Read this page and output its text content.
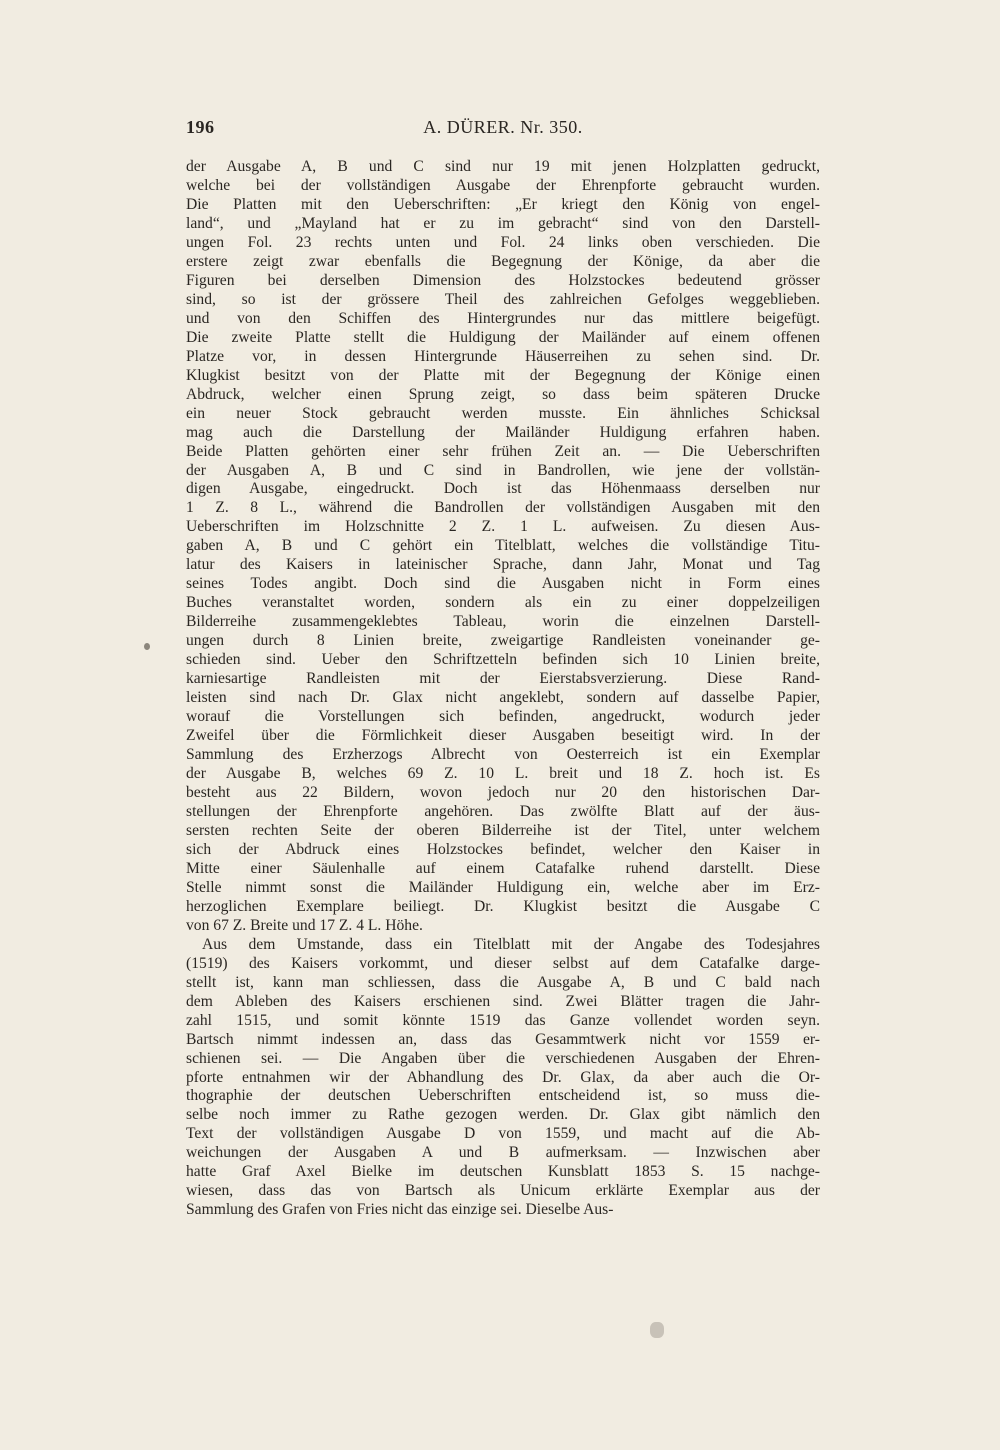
196	A. DÜRER. Nr. 350.
der Ausgabe A, B und C sind nur 19 mit jenen Holzplatten gedruckt,
welche bei der vollständigen Ausgabe der Ehrenpforte gebraucht wurden.
Die Platten mit den Ueberschriften: „Er kriegt den König von engel-
land“, und „Mayland hat er zu im gebracht“ sind von den Darstell-
ungen Fol. 23 rechts unten und Fol. 24 links oben verschieden. Die
erstere zeigt zwar ebenfalls die Begegnung der Könige, da aber die
Figuren bei derselben Dimension des Holzstockes bedeutend grösser
sind, so ist der grössere Theil des zahlreichen Gefolges weggeblieben.
und von den Schiffen des Hintergrundes nur das mittlere beigefügt.
Die zweite Platte stellt die Huldigung der Mailänder auf einem offenen
Platze vor, in dessen Hintergrunde Häuserreihen zu sehen sind. Dr.
Klugkist besitzt von der Platte mit der Begegnung der Könige einen
Abdruck, welcher einen Sprung zeigt, so dass beim späteren Drucke
ein neuer Stock gebraucht werden musste. Ein ähnliches Schicksal
mag auch die Darstellung der Mailänder Huldigung erfahren haben.
Beide Platten gehörten einer sehr frühen Zeit an. — Die Ueberschriften
der Ausgaben A, B und C sind in Bandrollen, wie jene der vollstän-
digen Ausgabe, eingedruckt. Doch ist das Höhenmaass derselben nur
1 Z. 8 L., während die Bandrollen der vollständigen Ausgaben mit den
Ueberschriften im Holzschnitte 2 Z. 1 L. aufweisen. Zu diesen Aus-
gaben A, B und C gehört ein Titelblatt, welches die vollständige Titu-
latur des Kaisers in lateinischer Sprache, dann Jahr, Monat und Tag
seines Todes angibt. Doch sind die Ausgaben nicht in Form eines
Buches veranstaltet worden, sondern als ein zu einer doppelzeiligen
Bilderreihe zusammengeklebtes Tableau, worin die einzelnen Darstell-
ungen durch 8 Linien breite, zweigartige Randleisten voneinander ge-
schieden sind. Ueber den Schriftzetteln befinden sich 10 Linien breite,
karniesartige Randleisten mit der Eierstabsverzierung. Diese Rand-
leisten sind nach Dr. Glax nicht angeklebt, sondern auf dasselbe Papier,
worauf die Vorstellungen sich befinden, angedruckt, wodurch jeder
Zweifel über die Förmlichkeit dieser Ausgaben beseitigt wird. In der
Sammlung des Erzherzogs Albrecht von Oesterreich ist ein Exemplar
der Ausgabe B, welches 69 Z. 10 L. breit und 18 Z. hoch ist. Es
besteht aus 22 Bildern, wovon jedoch nur 20 den historischen Dar-
stellungen der Ehrenpforte angehören. Das zwölfte Blatt auf der äus-
sersten rechten Seite der oberen Bilderreihe ist der Titel, unter welchem
sich der Abdruck eines Holzstockes befindet, welcher den Kaiser in
Mitte einer Säulenhalle auf einem Catafalke ruhend darstellt. Diese
Stelle nimmt sonst die Mailänder Huldigung ein, welche aber im Erz-
herzoglichen Exemplare beiliegt. Dr. Klugkist besitzt die Ausgabe C
von 67 Z. Breite und 17 Z. 4 L. Höhe.
Aus dem Umstande, dass ein Titelblatt mit der Angabe des Todesjahres
(1519) des Kaisers vorkommt, und dieser selbst auf dem Catafalke darge-
stellt ist, kann man schliessen, dass die Ausgabe A, B und C bald nach
dem Ableben des Kaisers erschienen sind. Zwei Blätter tragen die Jahr-
zahl 1515, und somit könnte 1519 das Ganze vollendet worden seyn.
Bartsch nimmt indessen an, dass das Gesammtwerk nicht vor 1559 er-
schienen sei. — Die Angaben über die verschiedenen Ausgaben der Ehren-
pforte entnahmen wir der Abhandlung des Dr. Glax, da aber auch die Or-
thographie der deutschen Ueberschriften entscheidend ist, so muss die-
selbe noch immer zu Rathe gezogen werden. Dr. Glax gibt nämlich den
Text der vollständigen Ausgabe D von 1559, und macht auf die Ab-
weichungen der Ausgaben A und B aufmerksam. — Inzwischen aber
hatte Graf Axel Bielke im deutschen Kunsblatt 1853 S. 15 nachge-
wiesen, dass das von Bartsch als Unicum erklärte Exemplar aus der
Sammlung des Grafen von Fries nicht das einzige sei. Dieselbe Aus-
